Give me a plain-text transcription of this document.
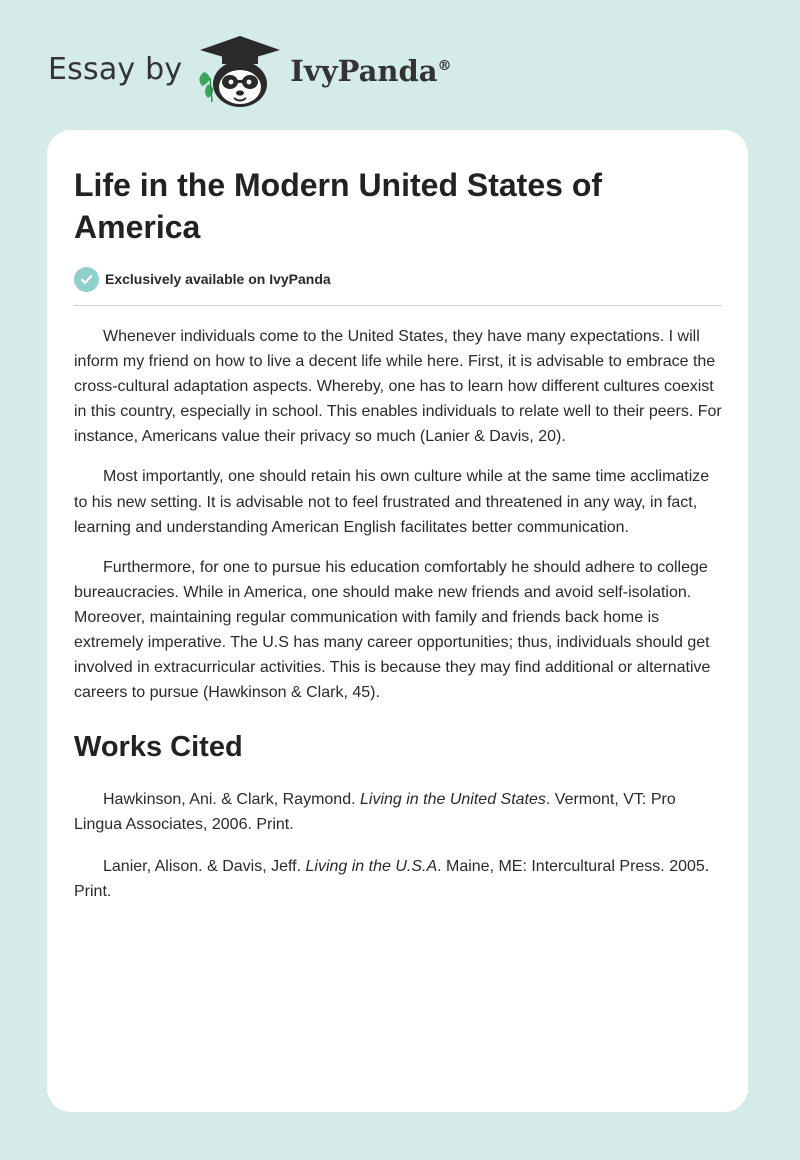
Essay by	IvyPanda®
Life in the Modern United States of America
Exclusively available on IvyPanda

Whenever individuals come to the United States, they have many expectations. I will inform my friend on how to live a decent life while here. First, it is advisable to embrace the cross-cultural adaptation aspects. Whereby, one has to learn how different cultures coexist in this country, especially in school. This enables individuals to relate well to their peers. For instance, Americans value their privacy so much (Lanier & Davis, 20).

Most importantly, one should retain his own culture while at the same time acclimatize to his new setting. It is advisable not to feel frustrated and threatened in any way, in fact, learning and understanding American English facilitates better communication.

Furthermore, for one to pursue his education comfortably he should adhere to college bureaucracies. While in America, one should make new friends and avoid self-isolation. Moreover, maintaining regular communication with family and friends back home is extremely imperative. The U.S has many career opportunities; thus, individuals should get involved in extracurricular activities. This is because they may find additional or alternative careers to pursue (Hawkinson & Clark, 45).

Works Cited

Hawkinson, Ani. & Clark, Raymond. Living in the United States. Vermont, VT: Pro Lingua Associates, 2006. Print.

Lanier, Alison. & Davis, Jeff. Living in the U.S.A. Maine, ME: Intercultural Press. 2005. Print.
